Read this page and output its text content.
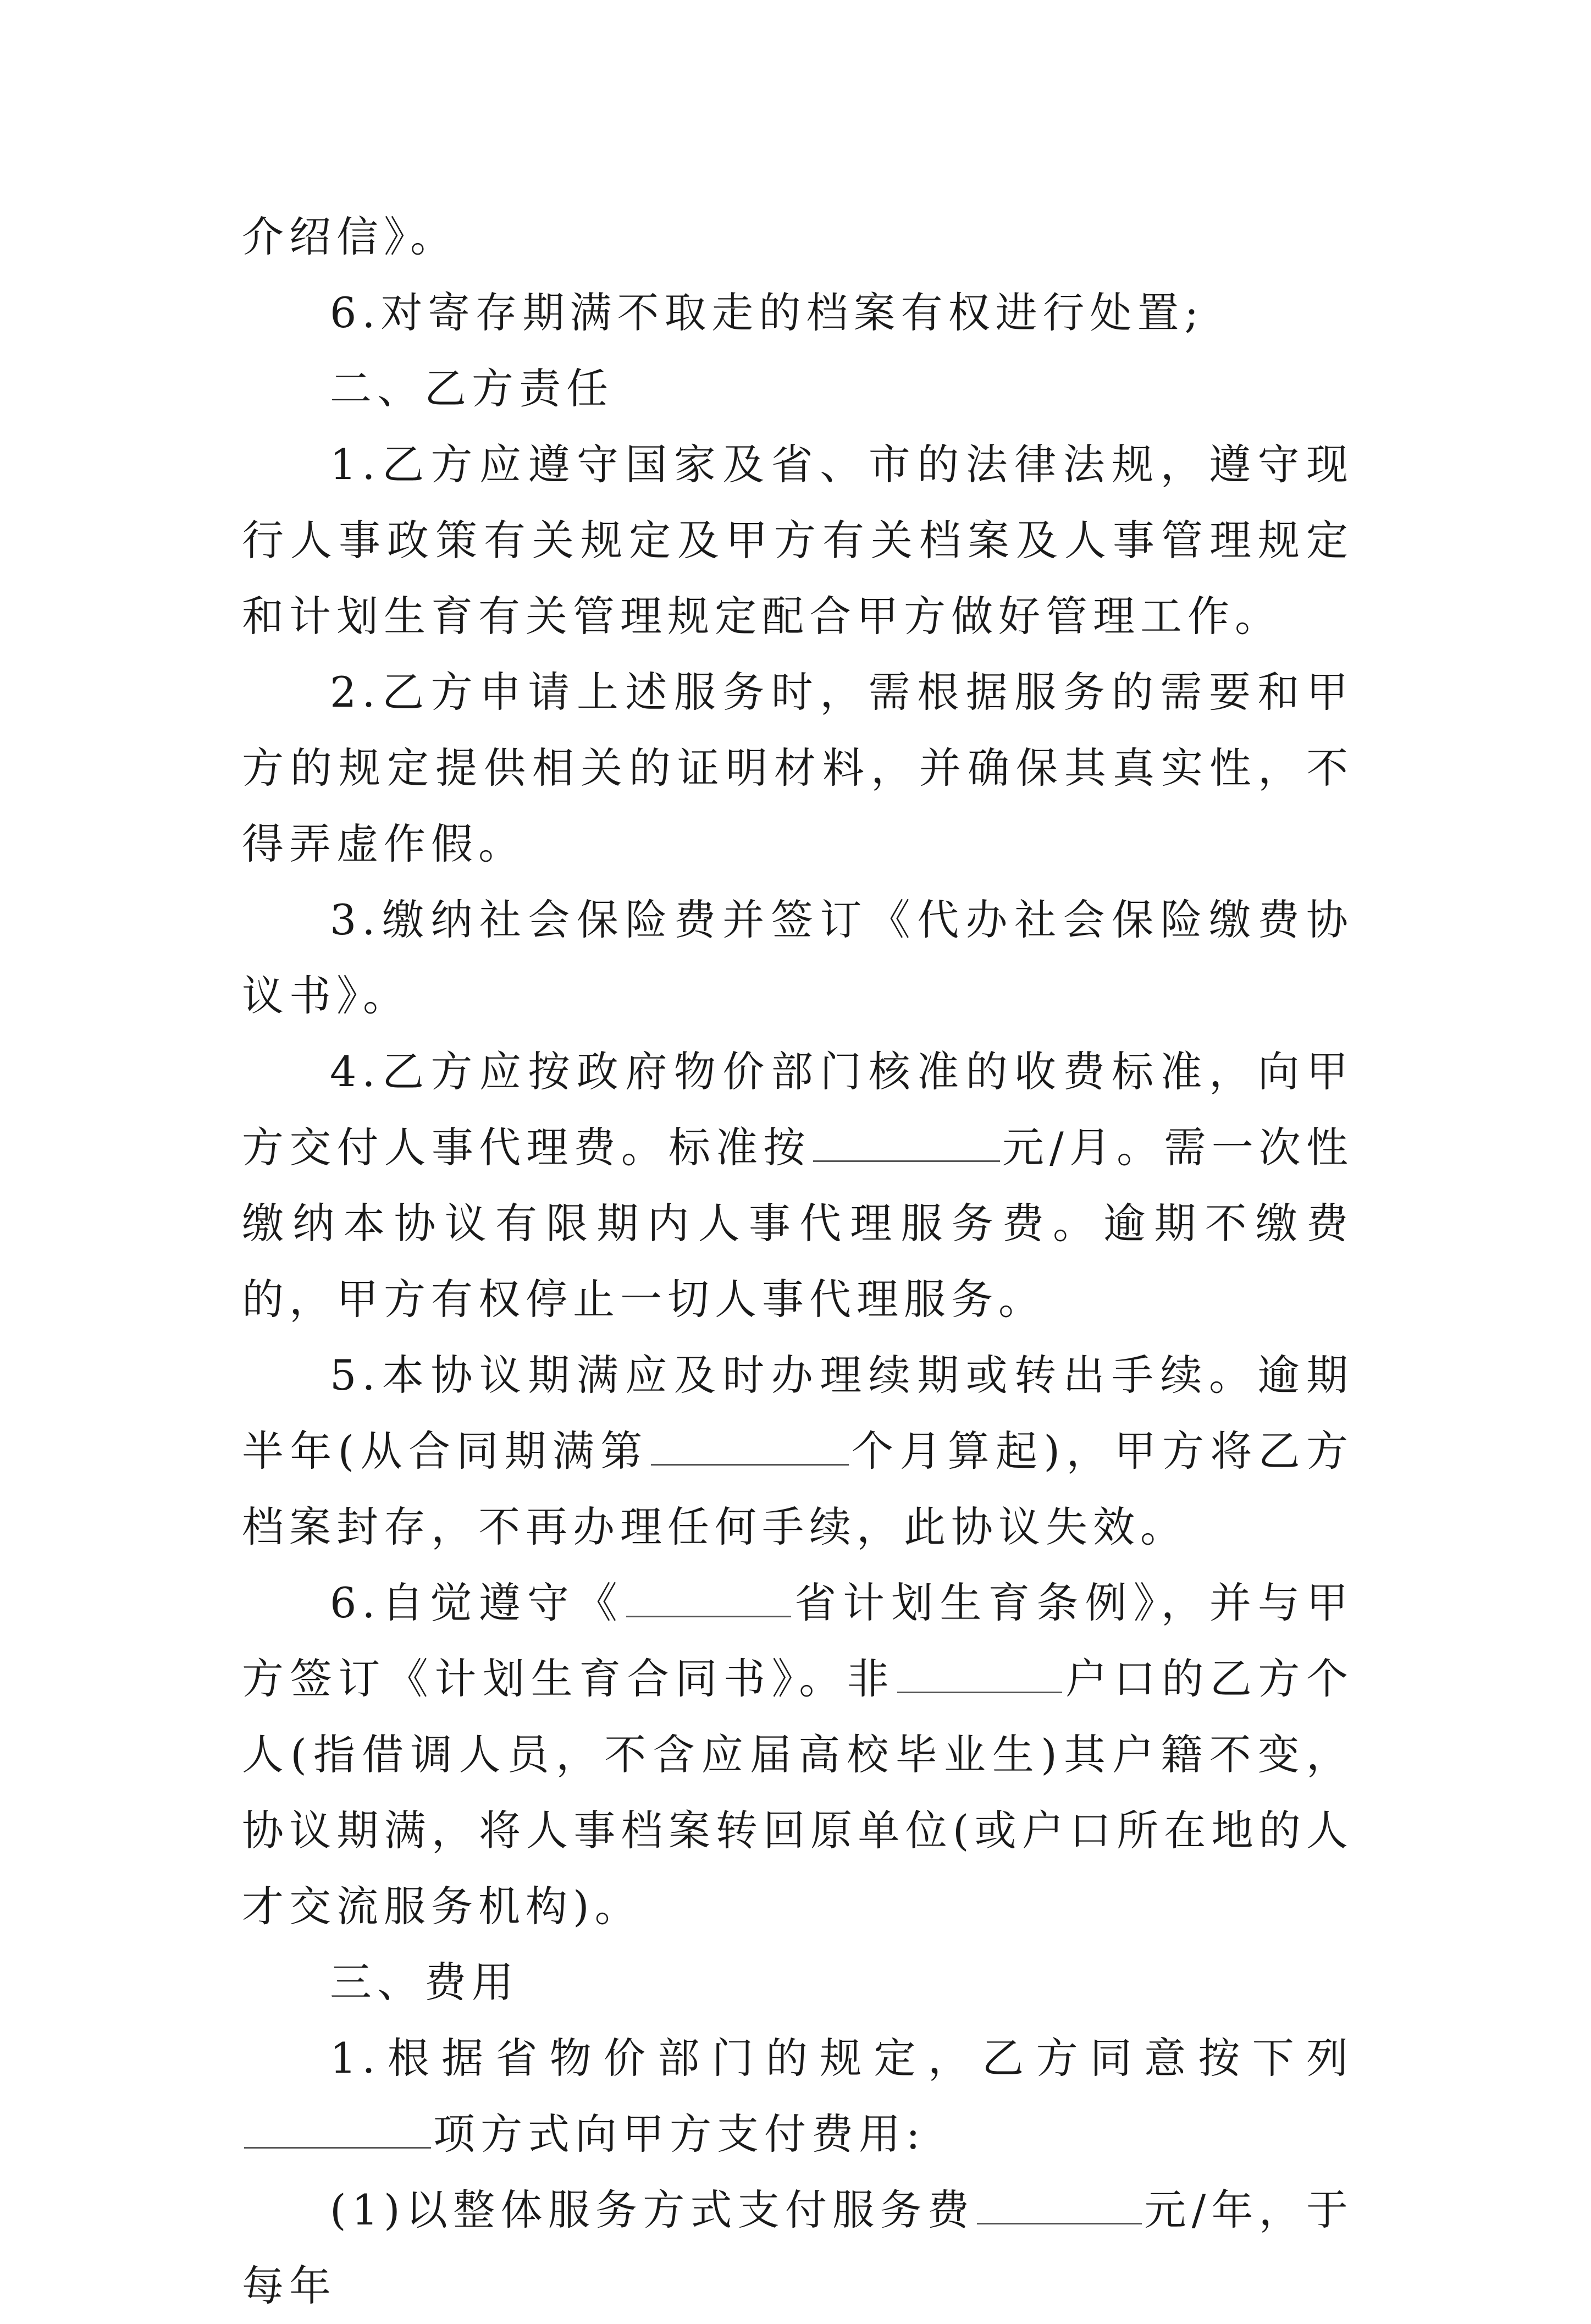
介绍信》。

6.对寄存期满不取走的档案有权进行处置;

二、乙方责任

1.乙方应遵守国家及省、市的法律法规，遵守现行人事政策有关规定及甲方有关档案及人事管理规定和计划生育有关管理规定配合甲方做好管理工作。

2.乙方申请上述服务时，需根据服务的需要和甲方的规定提供相关的证明材料，并确保其真实性，不得弄虚作假。

3.缴纳社会保险费并签订《代办社会保险缴费协议书》。

4.乙方应按政府物价部门核准的收费标准，向甲方交付人事代理费。标准按	元/月。需一次性缴纳本协议有限期内人事代理服务费。逾期不缴费的，甲方有权停止一切人事代理服务。

5.本协议期满应及时办理续期或转出手续。逾期半年(从合同期满第	个月算起)，甲方将乙方档案封存，不再办理任何手续，此协议失效。

6.自觉遵守《	省计划生育条例》，并与甲方签订《计划生育合同书》。非	户口的乙方个人(指借调人员，不含应届高校毕业生)其户籍不变，协议期满，将人事档案转回原单位(或户口所在地的人才交流服务机构)。

三、费用

1.根据省物价部门的规定，乙方同意按下列项方式向甲方支付费用:

(1)以整体服务方式支付服务费	元/年，于每年
